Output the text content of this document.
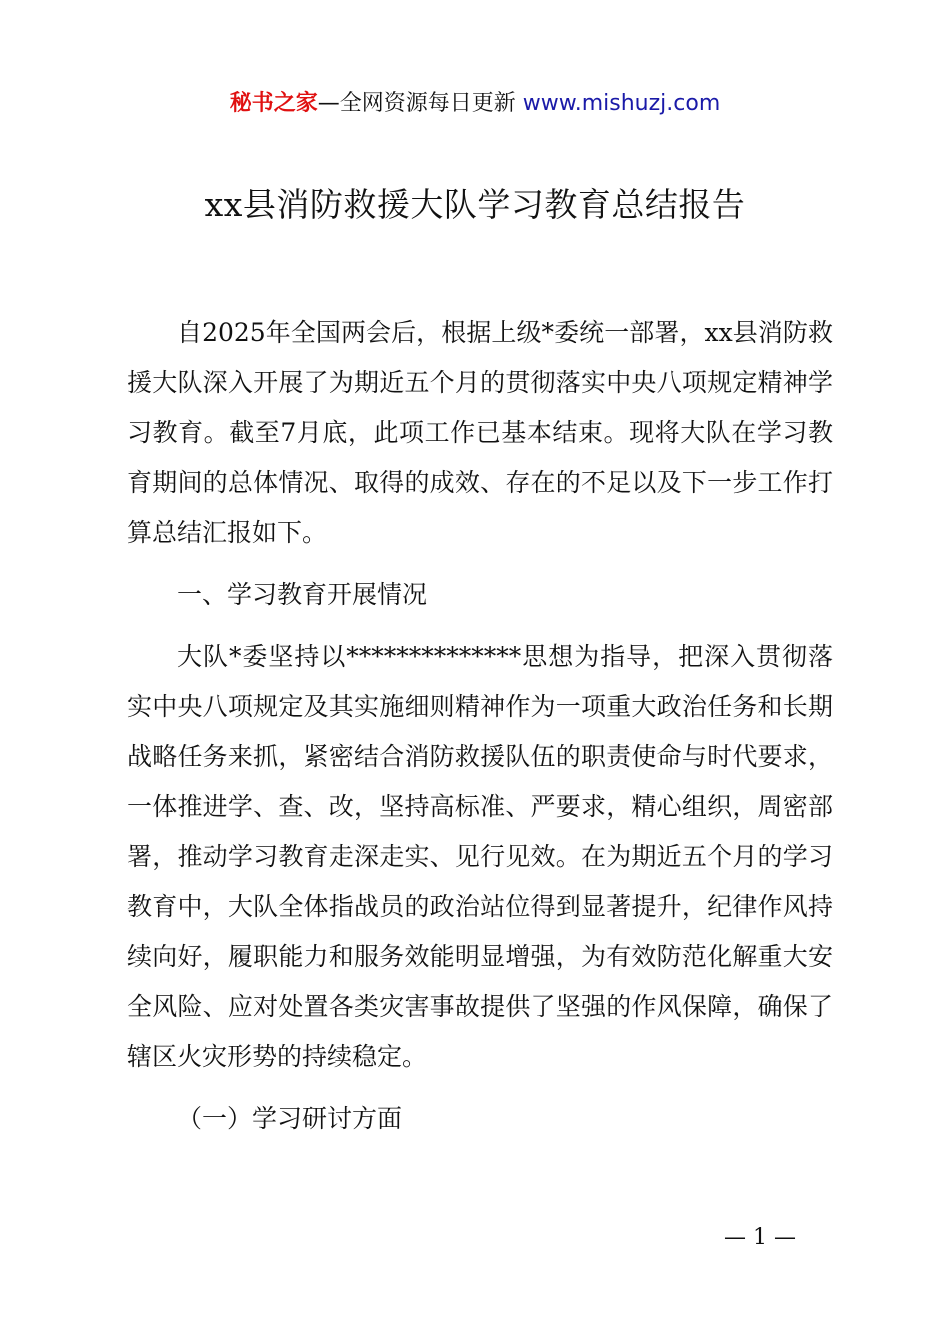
秘书之家—全网资源每日更新 www.mishuzj.com
xx县消防救援大队学习教育总结报告

自2025年全国两会后，根据上级*委统一部署，xx县消防救援大队深入开展了为期近五个月的贯彻落实中央八项规定精神学习教育。截至7月底，此项工作已基本结束。现将大队在学习教育期间的总体情况、取得的成效、存在的不足以及下一步工作打算总结汇报如下。

一、学习教育开展情况

大队*委坚持以**************思想为指导，把深入贯彻落实中央八项规定及其实施细则精神作为一项重大政治任务和长期战略任务来抓，紧密结合消防救援队伍的职责使命与时代要求，一体推进学、查、改，坚持高标准、严要求，精心组织，周密部署，推动学习教育走深走实、见行见效。在为期近五个月的学习教育中，大队全体指战员的政治站位得到显著提升，纪律作风持续向好，履职能力和服务效能明显增强，为有效防范化解重大安全风险、应对处置各类灾害事故提供了坚强的作风保障，确保了辖区火灾形势的持续稳定。

（一）学习研讨方面

— 1 —
